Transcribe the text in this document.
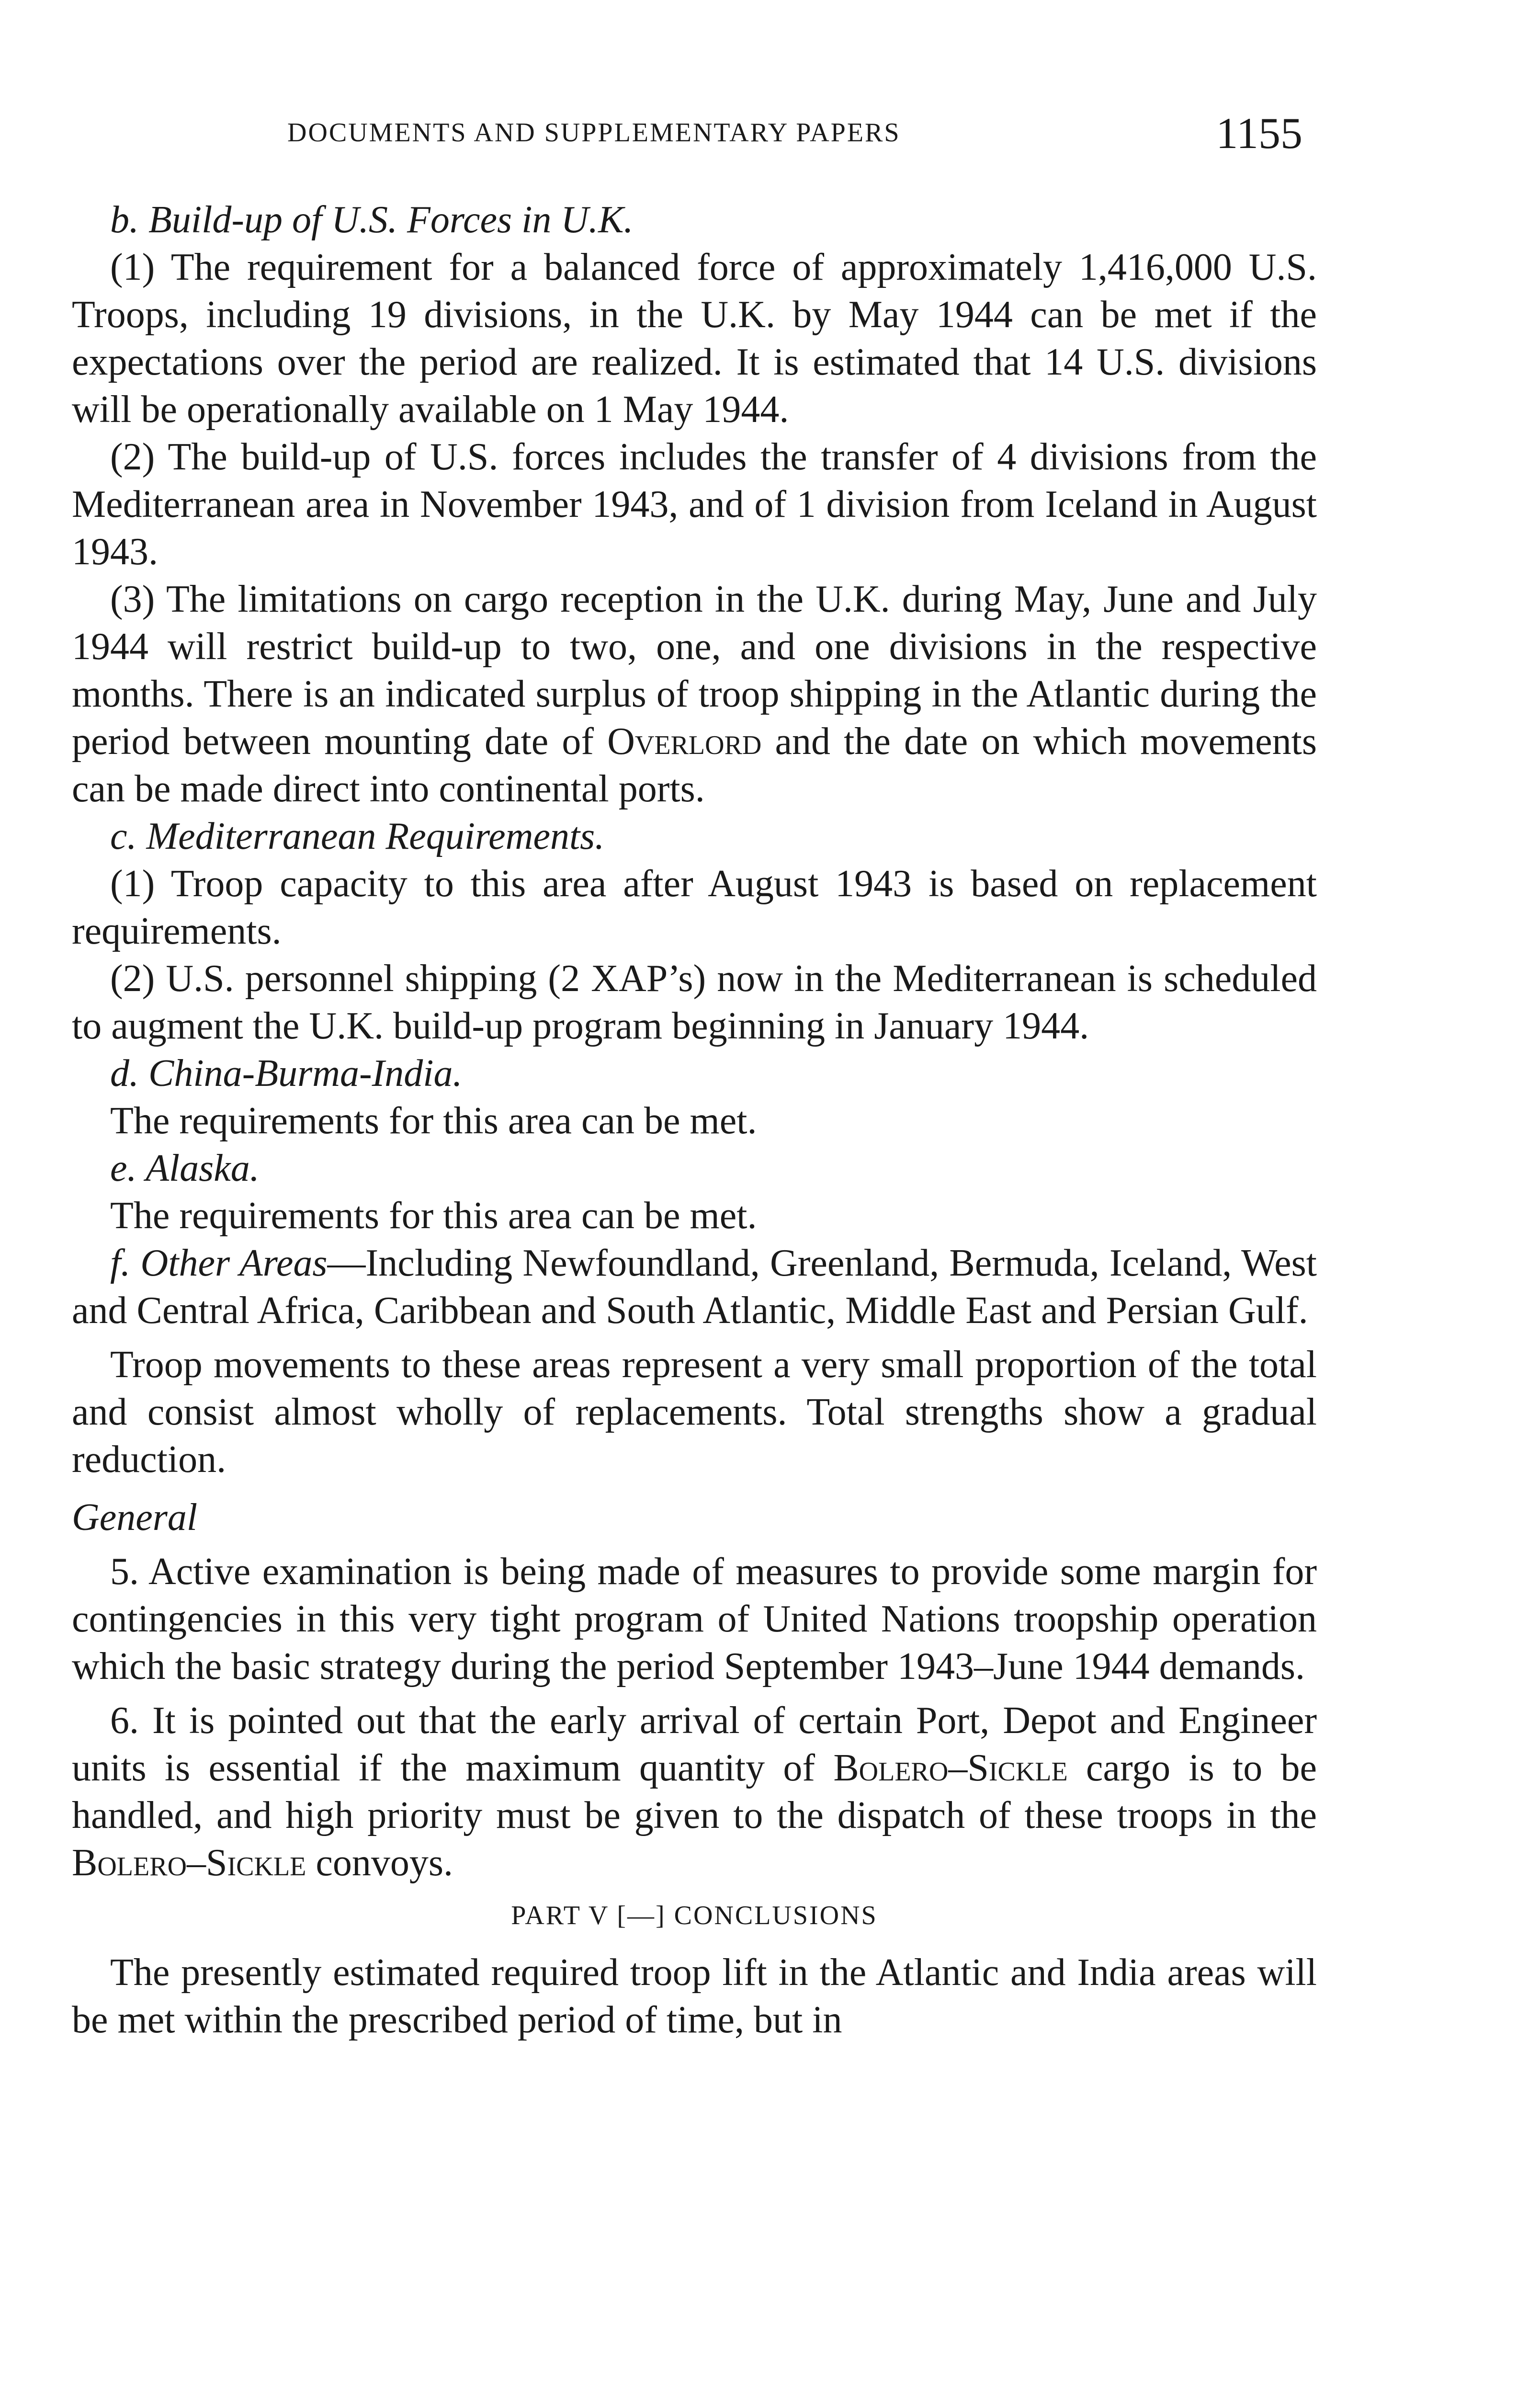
DOCUMENTS AND SUPPLEMENTARY PAPERS	1155

b. Build-up of U.S. Forces in U.K.

(1) The requirement for a balanced force of approximately 1,416,000 U.S. Troops, including 19 divisions, in the U.K. by May 1944 can be met if the expectations over the period are realized. It is estimated that 14 U.S. divisions will be operationally available on 1 May 1944.

(2) The build-up of U.S. forces includes the transfer of 4 divisions from the Mediterranean area in November 1943, and of 1 division from Iceland in August 1943.

(3) The limitations on cargo reception in the U.K. during May, June and July 1944 will restrict build-up to two, one, and one divisions in the respective months. There is an indicated surplus of troop shipping in the Atlantic during the period between mounting date of Overlord and the date on which movements can be made direct into continental ports.

c. Mediterranean Requirements.

(1) Troop capacity to this area after August 1943 is based on replacement requirements.

(2) U.S. personnel shipping (2 XAP’s) now in the Mediterranean is scheduled to augment the U.K. build-up program beginning in January 1944.

d. China-Burma-India.

The requirements for this area can be met.

e. Alaska.

The requirements for this area can be met.

f. Other Areas—Including Newfoundland, Greenland, Bermuda, Iceland, West and Central Africa, Caribbean and South Atlantic, Middle East and Persian Gulf.

Troop movements to these areas represent a very small proportion of the total and consist almost wholly of replacements. Total strengths show a gradual reduction.

General

5. Active examination is being made of measures to provide some margin for contingencies in this very tight program of United Nations troopship operation which the basic strategy during the period September 1943–June 1944 demands.

6. It is pointed out that the early arrival of certain Port, Depot and Engineer units is essential if the maximum quantity of Bolero–Sickle cargo is to be handled, and high priority must be given to the dispatch of these troops in the Bolero–Sickle convoys.

PART V [—] CONCLUSIONS

The presently estimated required troop lift in the Atlantic and India areas will be met within the prescribed period of time, but in
